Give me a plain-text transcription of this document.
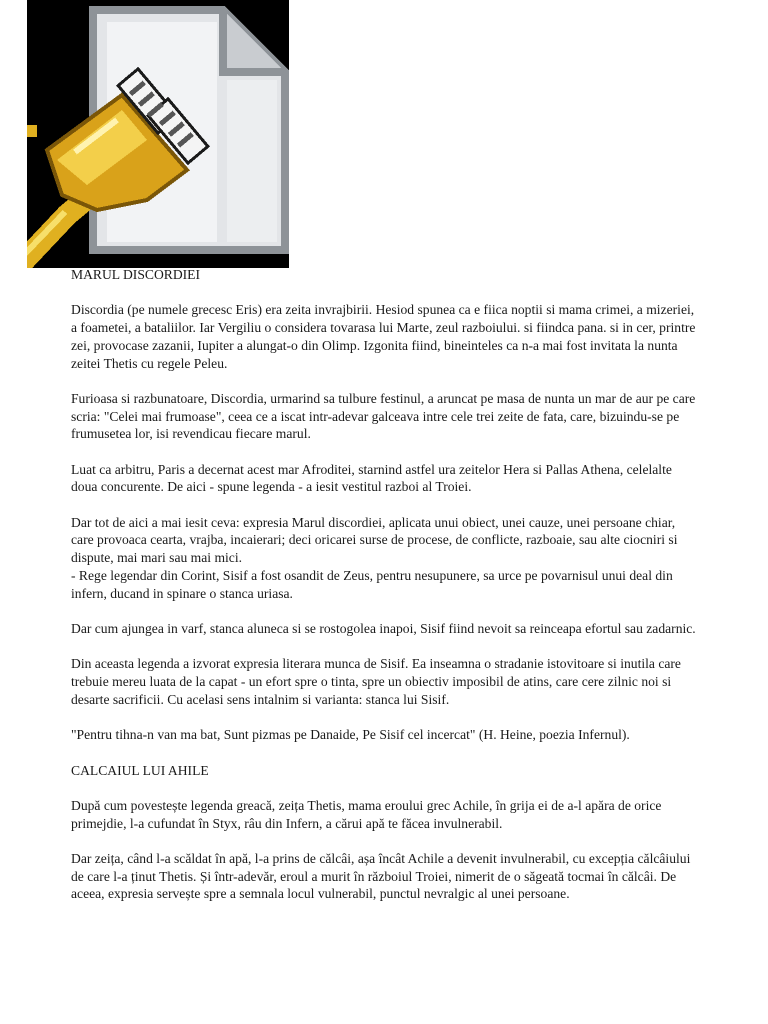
MARUL DISCORDIEI

Discordia (pe numele grecesc Eris) era zeita invrajbirii. Hesiod spunea ca e fiica noptii si mama crimei, a mizeriei, a foametei, a bataliilor. Iar Vergiliu o considera tovarasa lui Marte, zeul razboiului. si fiindca pana. si in cer, printre zei, provocase zazanii, Iupiter a alungat-o din Olimp. Izgonita fiind, bineinteles ca n-a mai fost invitata la nunta zeitei Thetis cu regele Peleu.

Furioasa si razbunatoare, Discordia, urmarind sa tulbure festinul, a aruncat pe masa de nunta un mar de aur pe care scria: "Celei mai frumoase", ceea ce a iscat intr-adevar galceava intre cele trei zeite de fata, care, bizuindu-se pe frumusetea lor, isi revendicau fiecare marul.

Luat ca arbitru, Paris a decernat acest mar Afroditei, starnind astfel ura zeitelor Hera si Pallas Athena, celelalte doua concurente. De aici - spune legenda - a iesit vestitul razboi al Troiei.

Dar tot de aici a mai iesit ceva: expresia Marul discordiei, aplicata unui obiect, unei cauze, unei persoane chiar, care provoaca cearta, vrajba, incaierari; deci oricarei surse de procese, de conflicte, razboaie, sau alte ciocniri si dispute, mai mari sau mai mici.

- Rege legendar din Corint, Sisif a fost osandit de Zeus, pentru nesupunere, sa urce pe povarnisul unui deal din infern, ducand in spinare o stanca uriasa.

Dar cum ajungea in varf, stanca aluneca si se rostogolea inapoi, Sisif fiind nevoit sa reinceapa efortul sau zadarnic.

Din aceasta legenda a izvorat expresia literara munca de Sisif. Ea inseamna o stradanie istovitoare si inutila care trebuie mereu luata de la capat - un efort spre o tinta, spre un obiectiv imposibil de atins, care cere zilnic noi si desarte sacrificii. Cu acelasi sens intalnim si varianta: stanca lui Sisif.

"Pentru tihna-n van ma bat, Sunt pizmas pe Danaide, Pe Sisif cel incercat" (H. Heine, poezia Infernul).

CALCAIUL LUI AHILE

După cum povestește legenda greacă, zeița Thetis, mama eroului grec Achile, în grija ei de a-l apăra de orice primejdie, l-a cufundat în Styx, râu din Infern, a cărui apă te făcea invulnerabil.

Dar zeița, când l-a scăldat în apă, l-a prins de călcâi, așa încât Achile a devenit invulnerabil, cu excepția călcâiului de care l-a ținut Thetis. Și într-adevăr, eroul a murit în războiul Troiei, nimerit de o săgeată tocmai în călcâi. De aceea, expresia servește spre a semnala locul vulnerabil, punctul nevralgic al unei persoane.
